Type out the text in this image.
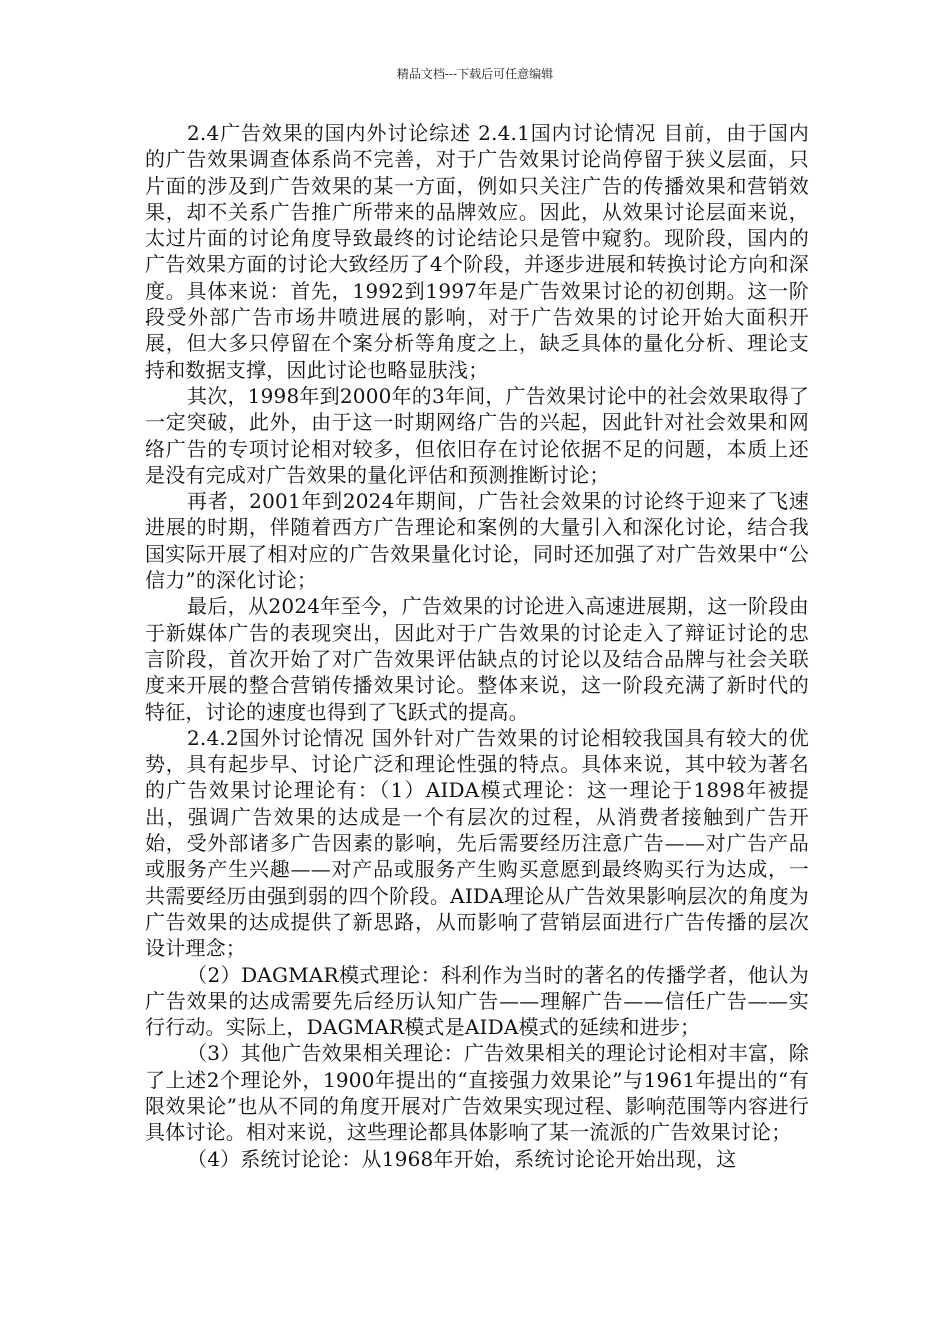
精品文档---下载后可任意编辑

2.4广告效果的国内外讨论综述 2.4.1国内讨论情况 目前，由于国内的广告效果调查体系尚不完善，对于广告效果讨论尚停留于狭义层面，只片面的涉及到广告效果的某一方面，例如只关注广告的传播效果和营销效果，却不关系广告推广所带来的品牌效应。因此，从效果讨论层面来说，太过片面的讨论角度导致最终的讨论结论只是管中窥豹。现阶段，国内的广告效果方面的讨论大致经历了4个阶段，并逐步进展和转换讨论方向和深度。具体来说：首先，1992到1997年是广告效果讨论的初创期。这一阶段受外部广告市场井喷进展的影响，对于广告效果的讨论开始大面积开展，但大多只停留在个案分析等角度之上，缺乏具体的量化分析、理论支持和数据支撑，因此讨论也略显肤浅；

其次，1998年到2000年的3年间，广告效果讨论中的社会效果取得了一定突破，此外，由于这一时期网络广告的兴起，因此针对社会效果和网络广告的专项讨论相对较多，但依旧存在讨论依据不足的问题，本质上还是没有完成对广告效果的量化评估和预测推断讨论；

再者，2001年到2024年期间，广告社会效果的讨论终于迎来了飞速进展的时期，伴随着西方广告理论和案例的大量引入和深化讨论，结合我国实际开展了相对应的广告效果量化讨论，同时还加强了对广告效果中“公信力”的深化讨论；

最后，从2024年至今，广告效果的讨论进入高速进展期，这一阶段由于新媒体广告的表现突出，因此对于广告效果的讨论走入了辩证讨论的忠言阶段，首次开始了对广告效果评估缺点的讨论以及结合品牌与社会关联度来开展的整合营销传播效果讨论。整体来说，这一阶段充满了新时代的特征，讨论的速度也得到了飞跃式的提高。

2.4.2国外讨论情况 国外针对广告效果的讨论相较我国具有较大的优势，具有起步早、讨论广泛和理论性强的特点。具体来说，其中较为著名的广告效果讨论理论有：（1）AIDA模式理论：这一理论于1898年被提出，强调广告效果的达成是一个有层次的过程，从消费者接触到广告开始，受外部诸多广告因素的影响，先后需要经历注意广告——对广告产品或服务产生兴趣——对产品或服务产生购买意愿到最终购买行为达成，一共需要经历由强到弱的四个阶段。AIDA理论从广告效果影响层次的角度为广告效果的达成提供了新思路，从而影响了营销层面进行广告传播的层次设计理念；

（2）DAGMAR模式理论：科利作为当时的著名的传播学者，他认为广告效果的达成需要先后经历认知广告——理解广告——信任广告——实行行动。实际上，DAGMAR模式是AIDA模式的延续和进步；

（3）其他广告效果相关理论：广告效果相关的理论讨论相对丰富，除了上述2个理论外，1900年提出的“直接强力效果论”与1961年提出的“有限效果论”也从不同的角度开展对广告效果实现过程、影响范围等内容进行具体讨论。相对来说，这些理论都具体影响了某一流派的广告效果讨论；

（4）系统讨论论：从1968年开始，系统讨论论开始出现，这
